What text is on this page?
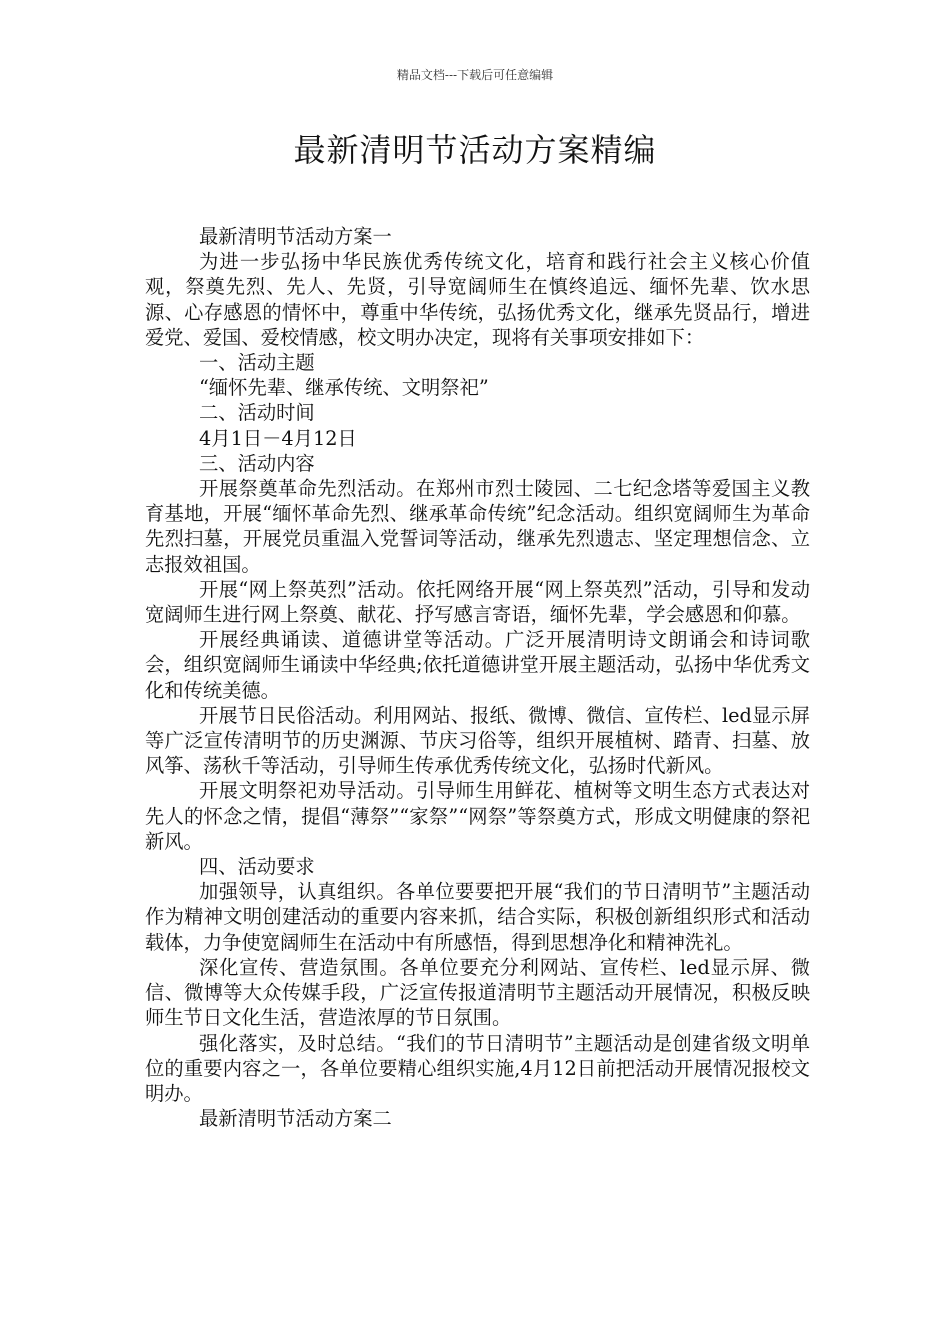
精品文档---下载后可任意编辑
最新清明节活动方案精编

最新清明节活动方案一

为进一步弘扬中华民族优秀传统文化，培育和践行社会主义核心价值观，祭奠先烈、先人、先贤，引导宽阔师生在慎终追远、缅怀先辈、饮水思源、心存感恩的情怀中，尊重中华传统，弘扬优秀文化，继承先贤品行，增进爱党、爱国、爱校情感，校文明办决定，现将有关事项安排如下：

一、活动主题

“缅怀先辈、继承传统、文明祭祀”

二、活动时间

4月1日－4月12日

三、活动内容

开展祭奠革命先烈活动。在郑州市烈士陵园、二七纪念塔等爱国主义教育基地，开展“缅怀革命先烈、继承革命传统”纪念活动。组织宽阔师生为革命先烈扫墓，开展党员重温入党誓词等活动，继承先烈遗志、坚定理想信念、立志报效祖国。

开展“网上祭英烈”活动。依托网络开展“网上祭英烈”活动，引导和发动宽阔师生进行网上祭奠、献花、抒写感言寄语，缅怀先辈，学会感恩和仰慕。

开展经典诵读、道德讲堂等活动。广泛开展清明诗文朗诵会和诗词歌会，组织宽阔师生诵读中华经典;依托道德讲堂开展主题活动，弘扬中华优秀文化和传统美德。

开展节日民俗活动。利用网站、报纸、微博、微信、宣传栏、led显示屏等广泛宣传清明节的历史渊源、节庆习俗等，组织开展植树、踏青、扫墓、放风筝、荡秋千等活动，引导师生传承优秀传统文化，弘扬时代新风。

开展文明祭祀劝导活动。引导师生用鲜花、植树等文明生态方式表达对先人的怀念之情，提倡“薄祭”“家祭”“网祭”等祭奠方式，形成文明健康的祭祀新风。

四、活动要求

加强领导，认真组织。各单位要要把开展“我们的节日清明节”主题活动作为精神文明创建活动的重要内容来抓，结合实际，积极创新组织形式和活动载体，力争使宽阔师生在活动中有所感悟，得到思想净化和精神洗礼。

深化宣传、营造氛围。各单位要充分利网站、宣传栏、led显示屏、微信、微博等大众传媒手段，广泛宣传报道清明节主题活动开展情况，积极反映师生节日文化生活，营造浓厚的节日氛围。

强化落实，及时总结。“我们的节日清明节”主题活动是创建省级文明单位的重要内容之一，各单位要精心组织实施,4月12日前把活动开展情况报校文明办。

最新清明节活动方案二
